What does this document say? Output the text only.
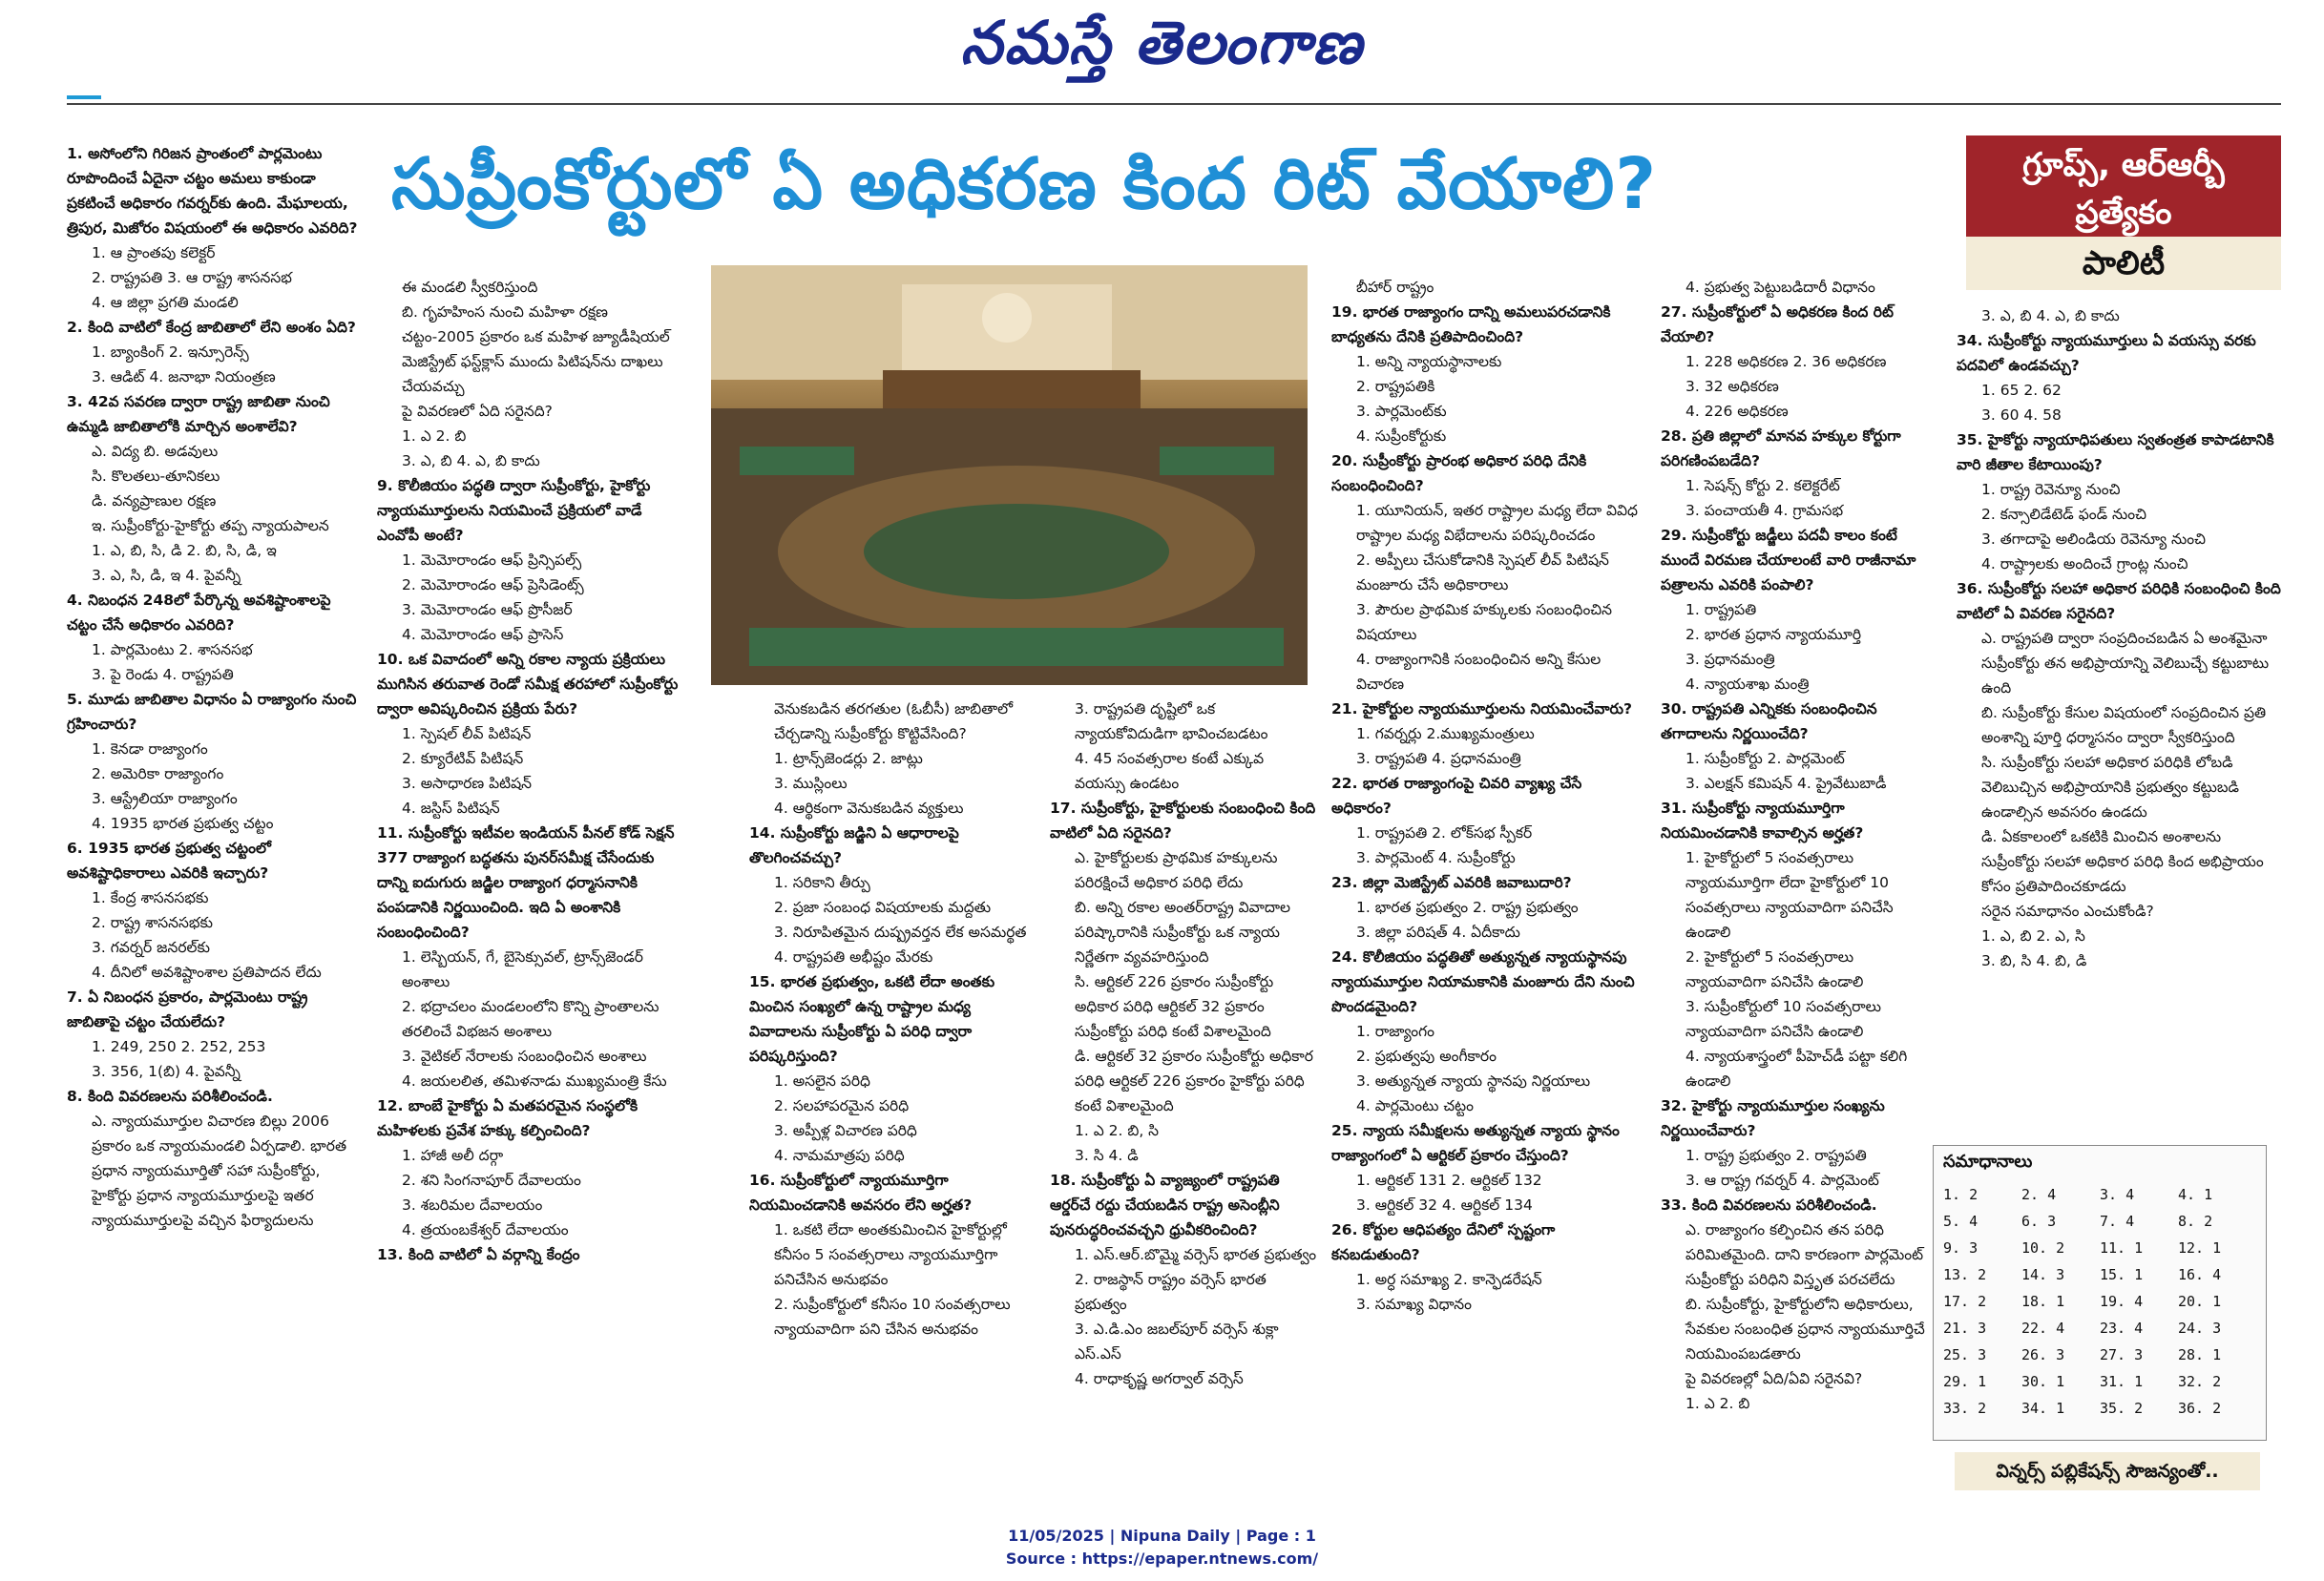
నమస్తే తెలంగాణ
సుప్రీంకోర్టులో ఏ అధికరణ కింద రిట్ వేయాలి?	గ్రూప్స్, ఆర్ఆర్బీ
ప్రత్యేకం
పాలిటీ

1. అసోంలోని గిరిజన ప్రాంతంలో పార్లమెంటు రూపొందించే ఏదైనా చట్టం అమలు కాకుండా ప్రకటించే అధికారం గవర్నర్‌కు ఉంది. మేఘాలయ, త్రిపుర, మిజోరం విషయంలో ఈ అధికారం ఎవరిది?

1. ఆ ప్రాంతపు కలెక్టర్

2. రాష్ట్రపతి 3. ఆ రాష్ట్ర శాసనసభ

4. ఆ జిల్లా ప్రగతి మండలి

2. కింది వాటిలో కేంద్ర జాబితాలో లేని అంశం ఏది?

1. బ్యాంకింగ్ 2. ఇన్సూరెన్స్

3. ఆడిట్ 4. జనాభా నియంత్రణ

3. 42వ సవరణ ద్వారా రాష్ట్ర జాబితా నుంచి ఉమ్మడి జాబితాలోకి మార్చిన అంశాలేవి?

ఎ. విద్య బి. అడవులు

సి. కొలతలు-తూనికలు

డి. వన్యప్రాణుల రక్షణ

ఇ. సుప్రీంకోర్టు-హైకోర్టు తప్ప న్యాయపాలన

1. ఎ, బి, సి, డి 2. బి, సి, డి, ఇ

3. ఎ, సి, డి, ఇ 4. పైవన్నీ

4. నిబంధన 248లో పేర్కొన్న అవశిష్టాంశాలపై చట్టం చేసే అధికారం ఎవరిది?

1. పార్లమెంటు 2. శాసనసభ

3. పై రెండు 4. రాష్ట్రపతి

5. మూడు జాబితాల విధానం ఏ రాజ్యాంగం నుంచి గ్రహించారు?

1. కెనడా రాజ్యాంగం

2. అమెరికా రాజ్యాంగం

3. ఆస్ట్రేలియా రాజ్యాంగం

4. 1935 భారత ప్రభుత్వ చట్టం

6. 1935 భారత ప్రభుత్వ చట్టంలో అవశిష్టాధికారాలు ఎవరికి ఇచ్చారు?

1. కేంద్ర శాసనసభకు

2. రాష్ట్ర శాసనసభకు

3. గవర్నర్ జనరల్‌కు

4. దీనిలో అవశిష్టాంశాల ప్రతిపాదన లేదు

7. ఏ నిబంధన ప్రకారం, పార్లమెంటు రాష్ట్ర జాబితాపై చట్టం చేయలేదు?

1. 249, 250 2. 252, 253

3. 356, 1(బి) 4. పైవన్నీ

8. కింది వివరణలను పరిశీలించండి.

ఎ. న్యాయమూర్తుల విచారణ బిల్లు 2006 ప్రకారం ఒక న్యాయమండలి ఏర్పడాలి. భారత ప్రధాన న్యాయమూర్తితో సహా సుప్రీంకోర్టు, హైకోర్టు ప్రధాన న్యాయమూర్తులపై ఇతర న్యాయమూర్తులపై వచ్చిన ఫిర్యాదులను

ఈ మండలి స్వీకరిస్తుంది

బి. గృహహింస నుంచి మహిళా రక్షణ చట్టం-2005 ప్రకారం ఒక మహిళ జ్యూడీషియల్ మెజిస్ట్రేట్ ఫస్ట్‌క్లాస్ ముందు పిటిషన్‌ను దాఖలు చేయవచ్చు

పై వివరణలో ఏది సరైనది?

1. ఎ 2. బి

3. ఎ, బి 4. ఎ, బి కాదు

9. కొలీజియం పద్ధతి ద్వారా సుప్రీంకోర్టు, హైకోర్టు న్యాయమూర్తులను నియమించే ప్రక్రియలో వాడే ఎంవోపీ అంటే?

1. మెమోరాండం ఆఫ్ ప్రిన్సిపల్స్

2. మెమోరాండం ఆఫ్ ప్రెసిడెంట్స్

3. మెమోరాండం ఆఫ్ ప్రొసీజర్

4. మెమోరాండం ఆఫ్ ప్రాసెస్

10. ఒక వివాదంలో అన్ని రకాల న్యాయ ప్రక్రియలు ముగిసిన తరువాత రెండో సమీక్ష తరహాలో సుప్రీంకోర్టు ద్వారా అవిష్కరించిన ప్రక్రియ పేరు?

1. స్పెషల్ లీవ్ పిటిషన్

2. క్యూరేటివ్ పిటిషన్

3. అసాధారణ పిటిషన్

4. జస్టిస్ పిటిషన్

11. సుప్రీంకోర్టు ఇటీవల ఇండియన్ పీనల్ కోడ్ సెక్షన్ 377 రాజ్యాంగ బద్ధతను పునర్‌సమీక్ష చేసేందుకు దాన్ని ఐదుగురు జడ్జిల రాజ్యాంగ ధర్మాసనానికి పంపడానికి నిర్ణయించింది. ఇది ఏ అంశానికి సంబంధించింది?

1. లెస్బియన్, గే, బైసెక్సువల్, ట్రాన్స్‌జెండర్ అంశాలు

2. భద్రాచలం మండలంలోని కొన్ని ప్రాంతాలను తరలించే విభజన అంశాలు

3. వైటికల్ నేరాలకు సంబంధించిన అంశాలు

4. జయలలిత, తమిళనాడు ముఖ్యమంత్రి కేసు

12. బాంబే హైకోర్టు ఏ మతపరమైన సంస్థలోకి మహిళలకు ప్రవేశ హక్కు కల్పించింది?

1. హాజీ అలీ దర్గా

2. శని సింగనాపూర్ దేవాలయం

3. శబరిమల దేవాలయం

4. త్రయంబకేశ్వర్ దేవాలయం

13. కింది వాటిలో ఏ వర్గాన్ని కేంద్రం

వెనుకబడిన తరగతుల (ఓబీసీ) జాబితాలో చేర్చడాన్ని సుప్రీంకోర్టు కొట్టివేసింది?

1. ట్రాన్స్‌జెండర్లు 2. జాట్లు

3. ముస్లింలు

4. ఆర్థికంగా వెనుకబడిన వ్యక్తులు

14. సుప్రీంకోర్టు జడ్జిని ఏ ఆధారాలపై తొలగించవచ్చు?

1. సరికాని తీర్పు

2. ప్రజా సంబంధ విషయాలకు మద్దతు

3. నిరూపితమైన దుష్ప్రవర్తన లేక అసమర్థత

4. రాష్ట్రపతి అభీష్టం మేరకు

15. భారత ప్రభుత్వం, ఒకటి లేదా అంతకు మించిన సంఖ్యలో ఉన్న రాష్ట్రాల మధ్య వివాదాలను సుప్రీంకోర్టు ఏ పరిధి ద్వారా పరిష్కరిస్తుంది?

1. అసలైన పరిధి

2. సలహాపరమైన పరిధి

3. అప్పీళ్ల విచారణ పరిధి

4. నామమాత్రపు పరిధి

16. సుప్రీంకోర్టులో న్యాయమూర్తిగా నియమించడానికి అవసరం లేని అర్హత?

1. ఒకటి లేదా అంతకుమించిన హైకోర్టుల్లో కనీసం 5 సంవత్సరాలు న్యాయమూర్తిగా పనిచేసిన అనుభవం

2. సుప్రీంకోర్టులో కనీసం 10 సంవత్సరాలు న్యాయవాదిగా పని చేసిన అనుభవం

3. రాష్ట్రపతి దృష్టిలో ఒక న్యాయకోవిదుడిగా భావించబడటం

4. 45 సంవత్సరాల కంటే ఎక్కువ వయస్సు ఉండటం

17. సుప్రీంకోర్టు, హైకోర్టులకు సంబంధించి కింది వాటిలో ఏది సరైనది?

ఎ. హైకోర్టులకు ప్రాథమిక హక్కులను పరిరక్షించే అధికార పరిధి లేదు

బి. అన్ని రకాల అంతర్‌రాష్ట్ర వివాదాల పరిష్కారానికి సుప్రీంకోర్టు ఒక న్యాయ నిర్ణేతగా వ్యవహరిస్తుంది

సి. ఆర్టికల్ 226 ప్రకారం సుప్రీంకోర్టు అధికార పరిధి ఆర్టికల్ 32 ప్రకారం సుప్రీంకోర్టు పరిధి కంటే విశాలమైంది

డి. ఆర్టికల్ 32 ప్రకారం సుప్రీంకోర్టు అధికార పరిధి ఆర్టికల్ 226 ప్రకారం హైకోర్టు పరిధి కంటే విశాలమైంది

1. ఎ 2. బి, సి

3. సి 4. డి

18. సుప్రీంకోర్టు ఏ వ్యాజ్యంలో రాష్ట్రపతి ఆర్డర్‌చే రద్దు చేయబడిన రాష్ట్ర అసెంబ్లీని పునరుద్ధరించవచ్చని ధ్రువీకరించింది?

1. ఎస్.ఆర్.బొమ్మై వర్సెస్ భారత ప్రభుత్వం

2. రాజస్థాన్ రాష్ట్రం వర్సెస్ భారత ప్రభుత్వం

3. ఎ.డి.ఎం జబల్‌పూర్ వర్సెస్ శుక్లా ఎస్.ఎస్

4. రాధాకృష్ణ అగర్వాల్ వర్సెస్

బీహార్ రాష్ట్రం

19. భారత రాజ్యాంగం దాన్ని అమలుపరచడానికి బాధ్యతను దేనికి ప్రతిపాదించింది?

1. అన్ని న్యాయస్థానాలకు

2. రాష్ట్రపతికి

3. పార్లమెంట్‌కు

4. సుప్రీంకోర్టుకు

20. సుప్రీంకోర్టు ప్రారంభ అధికార పరిధి దేనికి సంబంధించింది?

1. యూనియన్, ఇతర రాష్ట్రాల మధ్య లేదా వివిధ రాష్ట్రాల మధ్య విభేదాలను పరిష్కరించడం

2. అప్పీలు చేసుకోడానికి స్పెషల్ లీవ్ పిటిషన్ మంజూరు చేసే అధికారాలు

3. పౌరుల ప్రాథమిక హక్కులకు సంబంధించిన విషయాలు

4. రాజ్యాంగానికి సంబంధించిన అన్ని కేసుల విచారణ

21. హైకోర్టుల న్యాయమూర్తులను నియమించేవారు?

1. గవర్నర్లు 2.ముఖ్యమంత్రులు

3. రాష్ట్రపతి 4. ప్రధానమంత్రి

22. భారత రాజ్యాంగంపై చివరి వ్యాఖ్య చేసే అధికారం?

1. రాష్ట్రపతి 2. లోక్‌సభ స్పీకర్

3. పార్లమెంట్ 4. సుప్రీంకోర్టు

23. జిల్లా మెజిస్ట్రేట్ ఎవరికి జవాబుదారి?

1. భారత ప్రభుత్వం 2. రాష్ట్ర ప్రభుత్వం

3. జిల్లా పరిషత్ 4. ఏదీకాదు

24. కొలీజియం పద్ధతితో అత్యున్నత న్యాయస్థానపు న్యాయమూర్తుల నియామకానికి మంజూరు దేని నుంచి పొందడమైంది?

1. రాజ్యాంగం

2. ప్రభుత్వపు అంగీకారం

3. అత్యున్నత న్యాయ స్థానపు నిర్ణయాలు

4. పార్లమెంటు చట్టం

25. న్యాయ సమీక్షలను అత్యున్నత న్యాయ స్థానం రాజ్యాంగంలో ఏ ఆర్టికల్ ప్రకారం చేస్తుంది?

1. ఆర్టికల్ 131 2. ఆర్టికల్ 132

3. ఆర్టికల్ 32 4. ఆర్టికల్ 134

26. కోర్టుల ఆధిపత్యం దేనిలో స్పష్టంగా కనబడుతుంది?

1. అర్ధ సమాఖ్య 2. కాన్ఫెడరేషన్

3. సమాఖ్య విధానం

4. ప్రభుత్వ పెట్టుబడిదారీ విధానం

27. సుప్రీంకోర్టులో ఏ అధికరణ కింద రిట్ వేయాలి?

1. 228 అధికరణ 2. 36 అధికరణ

3. 32 అధికరణ

4. 226 అధికరణ

28. ప్రతి జిల్లాలో మానవ హక్కుల కోర్టుగా పరిగణింపబడేది?

1. సెషన్స్ కోర్టు 2. కలెక్టరేట్

3. పంచాయతీ 4. గ్రామసభ

29. సుప్రీంకోర్టు జడ్జీలు పదవీ కాలం కంటే ముందే విరమణ చేయాలంటే వారి రాజీనామా పత్రాలను ఎవరికి పంపాలి?

1. రాష్ట్రపతి

2. భారత ప్రధాన న్యాయమూర్తి

3. ప్రధానమంత్రి

4. న్యాయశాఖ మంత్రి

30. రాష్ట్రపతి ఎన్నికకు సంబంధించిన తగాదాలను నిర్ణయించేది?

1. సుప్రీంకోర్టు 2. పార్లమెంట్

3. ఎలక్షన్ కమిషన్ 4. ప్రైవేటుబాడీ

31. సుప్రీంకోర్టు న్యాయమూర్తిగా నియమించడానికి కావాల్సిన అర్హత?

1. హైకోర్టులో 5 సంవత్సరాలు న్యాయమూర్తిగా లేదా హైకోర్టులో 10 సంవత్సరాలు న్యాయవాదిగా పనిచేసి ఉండాలి

2. హైకోర్టులో 5 సంవత్సరాలు న్యాయవాదిగా పనిచేసి ఉండాలి

3. సుప్రీంకోర్టులో 10 సంవత్సరాలు న్యాయవాదిగా పనిచేసి ఉండాలి

4. న్యాయశాస్త్రంలో పీహెచ్‌డీ పట్టా కలిగి ఉండాలి

32. హైకోర్టు న్యాయమూర్తుల సంఖ్యను నిర్ణయించేవారు?

1. రాష్ట్ర ప్రభుత్వం 2. రాష్ట్రపతి

3. ఆ రాష్ట్ర గవర్నర్ 4. పార్లమెంట్

33. కింది వివరణలను పరిశీలించండి.

ఎ. రాజ్యాంగం కల్పించిన తన పరిధి పరిమితమైంది. దాని కారణంగా పార్లమెంట్ సుప్రీంకోర్టు పరిధిని విస్తృత పరచలేదు

బి. సుప్రీంకోర్టు, హైకోర్టులోని అధికారులు, సేవకుల సంబంధిత ప్రధాన న్యాయమూర్తిచే నియమింపబడతారు

పై వివరణల్లో ఏది/ఏవి సరైనవి?

1. ఎ 2. బి

3. ఎ, బి 4. ఎ, బి కాదు

34. సుప్రీంకోర్టు న్యాయమూర్తులు ఏ వయస్సు వరకు పదవిలో ఉండవచ్చు?

1. 65 2. 62

3. 60 4. 58

35. హైకోర్టు న్యాయాధిపతులు స్వతంత్రత కాపాడటానికి వారి జీతాల కేటాయింపు?

1. రాష్ట్ర రెవెన్యూ నుంచి

2. కన్సాలిడేటెడ్ ఫండ్ నుంచి

3. తగాదాపై అలిండియ రెవెన్యూ నుంచి

4. రాష్ట్రాలకు అందించే గ్రాంట్ల నుంచి

36. సుప్రీంకోర్టు సలహా అధికార పరిధికి సంబంధించి కింది వాటిలో ఏ వివరణ సరైనది?

ఎ. రాష్ట్రపతి ద్వారా సంప్రదించబడిన ఏ అంశమైనా సుప్రీంకోర్టు తన అభిప్రాయాన్ని వెలిబుచ్చే కట్టుబాటు ఉంది

బి. సుప్రీంకోర్టు కేసుల విషయంలో సంప్రదించిన ప్రతి అంశాన్ని పూర్తి ధర్మాసనం ద్వారా స్వీకరిస్తుంది

సి. సుప్రీంకోర్టు సలహా అధికార పరిధికి లోబడి వెలిబుచ్చిన అభిప్రాయానికి ప్రభుత్వం కట్టుబడి ఉండాల్సిన అవసరం ఉండదు

డి. ఏకకాలంలో ఒకటికి మించిన అంశాలను సుప్రీంకోర్టు సలహా అధికార పరిధి కింద అభిప్రాయం కోసం ప్రతిపాదించకూడదు

సరైన సమాధానం ఎంచుకోండి?

1. ఎ, బి 2. ఎ, సి

3. బి, సి 4. బి, డి

సమాధానాలు
1. 2	2. 4	3. 4	4. 1
5. 4	6. 3	7. 4	8. 2
9. 3	10. 2	11. 1	12. 1
13. 2	14. 3	15. 1	16. 4
17. 2	18. 1	19. 4	20. 1
21. 3	22. 4	23. 4	24. 3
25. 3	26. 3	27. 3	28. 1
29. 1	30. 1	31. 1	32. 2
33. 2	34. 1	35. 2	36. 2
విన్నర్స్ పబ్లికేషన్స్ సౌజన్యంతో..
11/05/2025 | Nipuna Daily | Page : 1
Source : https://epaper.ntnews.com/
